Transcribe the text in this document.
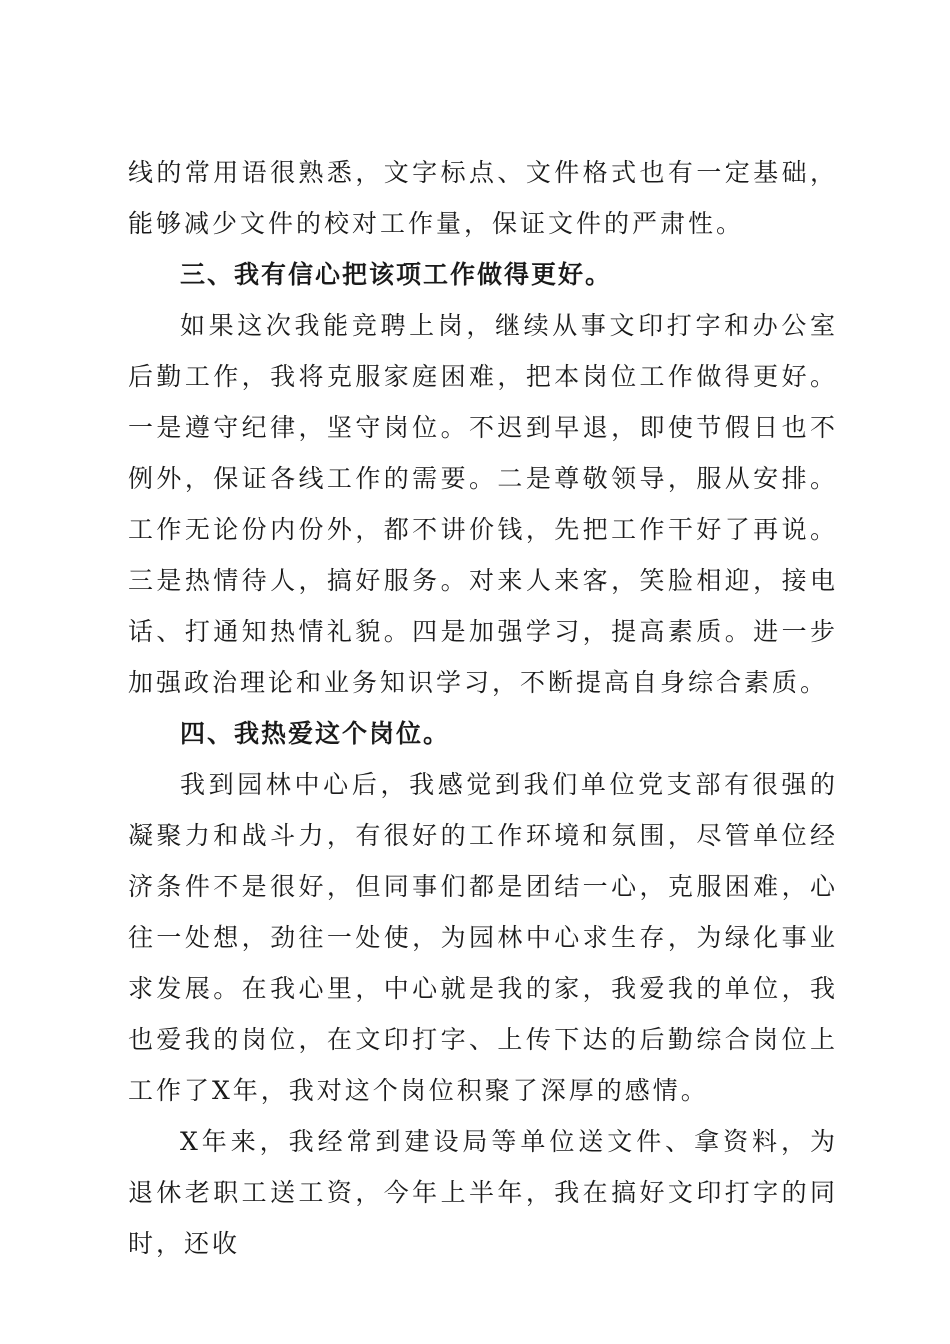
线的常用语很熟悉，文字标点、文件格式也有一定基础，能够减少文件的校对工作量，保证文件的严肃性。

三、我有信心把该项工作做得更好。

如果这次我能竞聘上岗，继续从事文印打字和办公室后勤工作，我将克服家庭困难，把本岗位工作做得更好。一是遵守纪律，坚守岗位。不迟到早退，即使节假日也不例外，保证各线工作的需要。二是尊敬领导，服从安排。工作无论份内份外，都不讲价钱，先把工作干好了再说。三是热情待人，搞好服务。对来人来客，笑脸相迎，接电话、打通知热情礼貌。四是加强学习，提高素质。进一步加强政治理论和业务知识学习，不断提高自身综合素质。

四、我热爱这个岗位。

我到园林中心后，我感觉到我们单位党支部有很强的凝聚力和战斗力，有很好的工作环境和氛围，尽管单位经济条件不是很好，但同事们都是团结一心，克服困难，心往一处想，劲往一处使，为园林中心求生存，为绿化事业求发展。在我心里，中心就是我的家，我爱我的单位，我也爱我的岗位，在文印打字、上传下达的后勤综合岗位上工作了X年，我对这个岗位积聚了深厚的感情。

X年来，我经常到建设局等单位送文件、拿资料，为退休老职工送工资，今年上半年，我在搞好文印打字的同时，还收
